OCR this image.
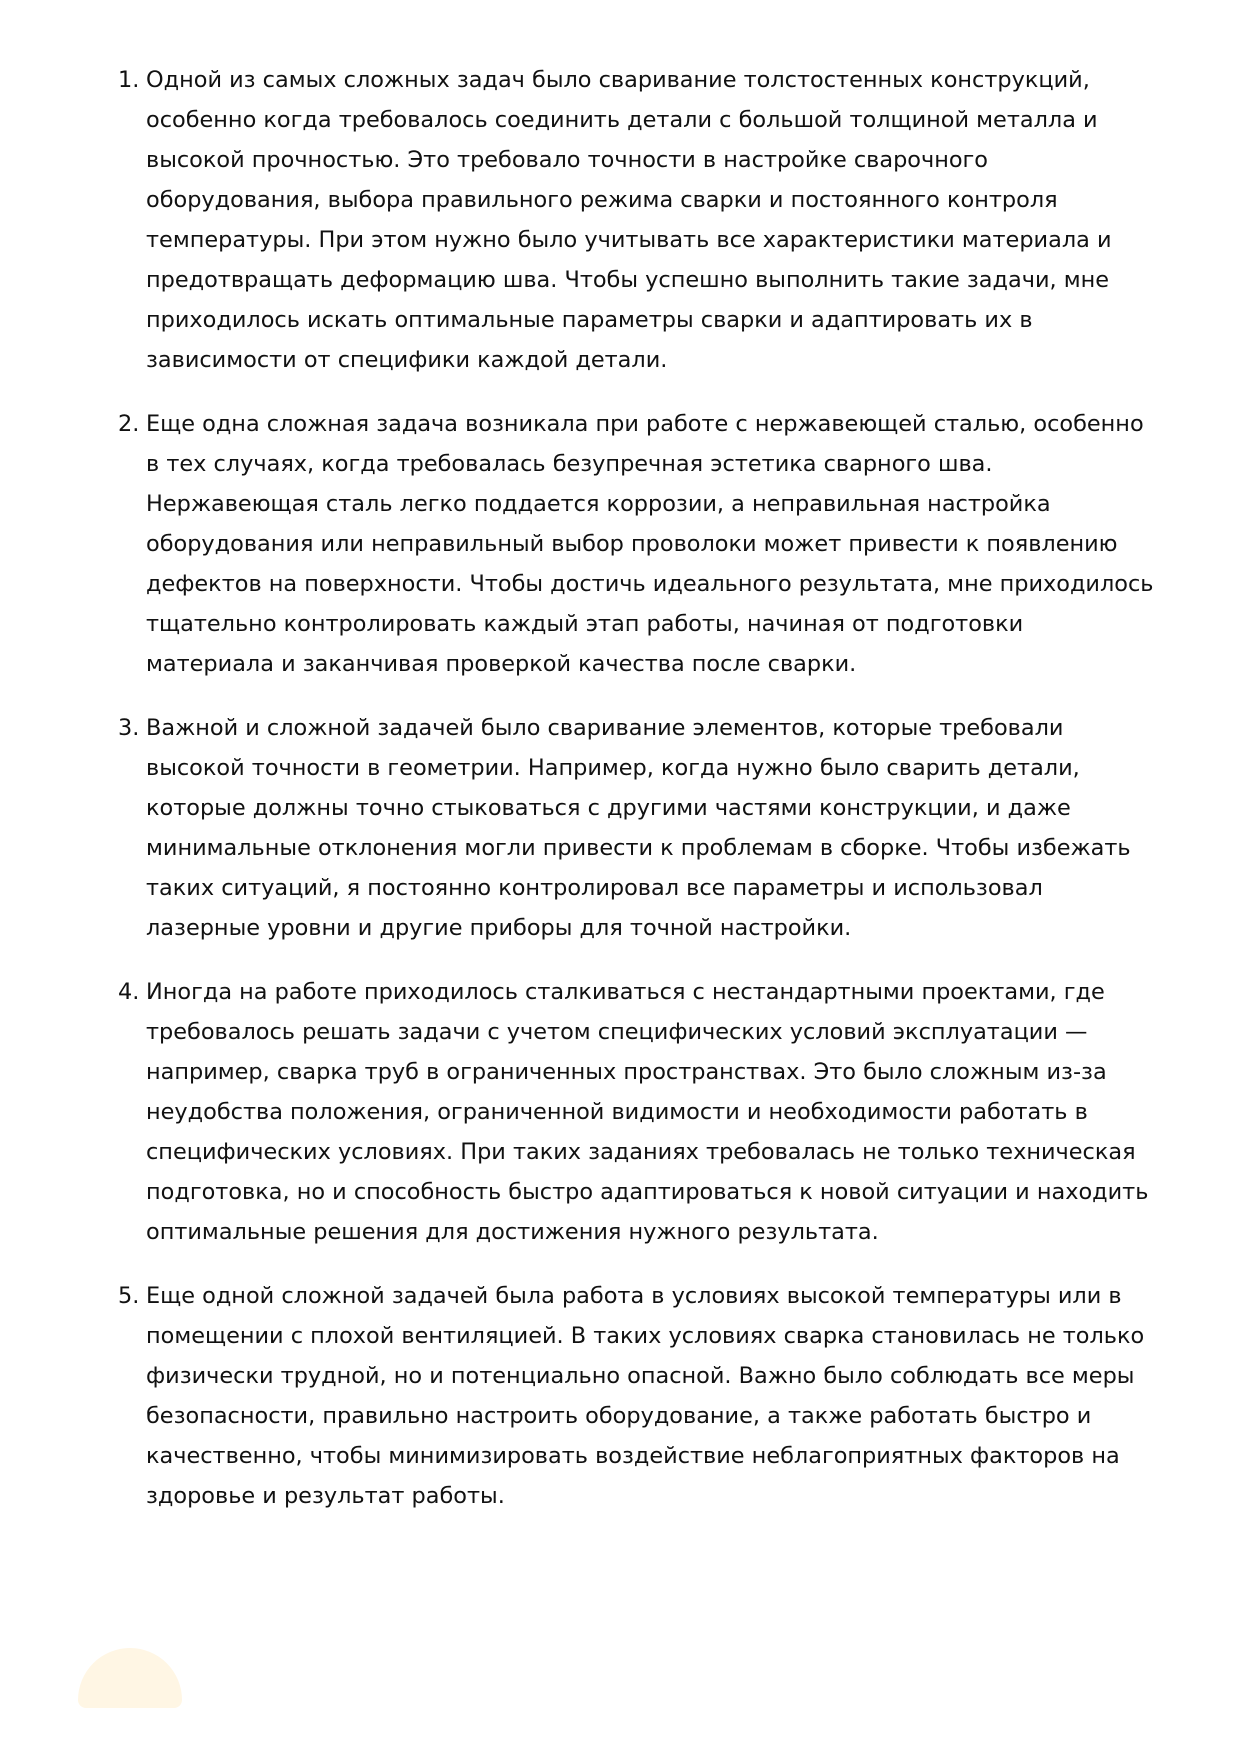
1. Одной из самых сложных задач было сваривание толстостенных конструкций, особенно когда требовалось соединить детали с большой толщиной металла и высокой прочностью. Это требовало точности в настройке сварочного оборудования, выбора правильного режима сварки и постоянного контроля температуры. При этом нужно было учитывать все характеристики материала и предотвращать деформацию шва. Чтобы успешно выполнить такие задачи, мне приходилось искать оптимальные параметры сварки и адаптировать их в зависимости от специфики каждой детали.
2. Еще одна сложная задача возникала при работе с нержавеющей сталью, особенно в тех случаях, когда требовалась безупречная эстетика сварного шва. Нержавеющая сталь легко поддается коррозии, а неправильная настройка оборудования или неправильный выбор проволоки может привести к появлению дефектов на поверхности. Чтобы достичь идеального результата, мне приходилось тщательно контролировать каждый этап работы, начиная от подготовки материала и заканчивая проверкой качества после сварки.
3. Важной и сложной задачей было сваривание элементов, которые требовали высокой точности в геометрии. Например, когда нужно было сварить детали, которые должны точно стыковаться с другими частями конструкции, и даже минимальные отклонения могли привести к проблемам в сборке. Чтобы избежать таких ситуаций, я постоянно контролировал все параметры и использовал лазерные уровни и другие приборы для точной настройки.
4. Иногда на работе приходилось сталкиваться с нестандартными проектами, где требовалось решать задачи с учетом специфических условий эксплуатации — например, сварка труб в ограниченных пространствах. Это было сложным из-за неудобства положения, ограниченной видимости и необходимости работать в специфических условиях. При таких заданиях требовалась не только техническая подготовка, но и способность быстро адаптироваться к новой ситуации и находить оптимальные решения для достижения нужного результата.
5. Еще одной сложной задачей была работа в условиях высокой температуры или в помещении с плохой вентиляцией. В таких условиях сварка становилась не только физически трудной, но и потенциально опасной. Важно было соблюдать все меры безопасности, правильно настроить оборудование, а также работать быстро и качественно, чтобы минимизировать воздействие неблагоприятных факторов на здоровье и результат работы.
